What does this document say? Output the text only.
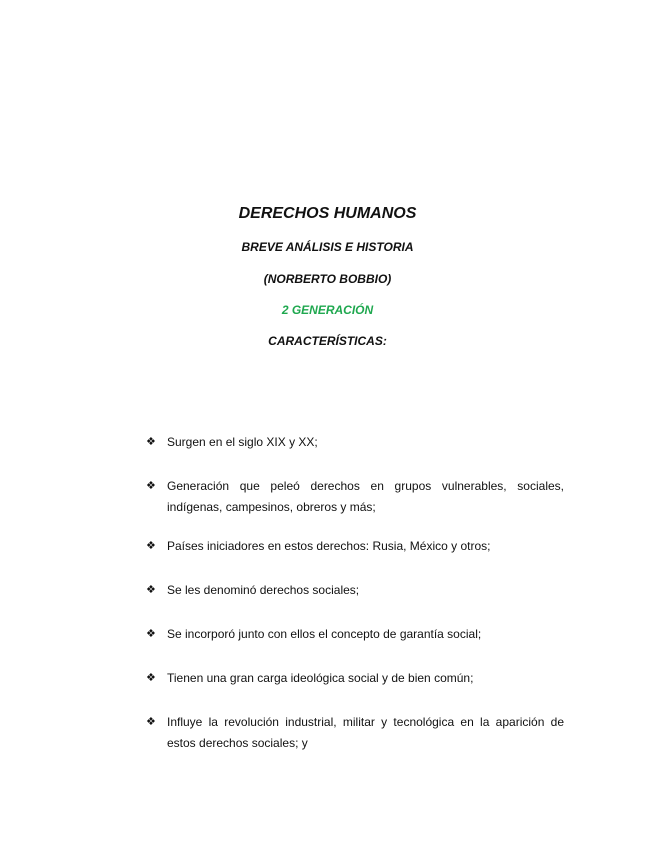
DERECHOS HUMANOS

BREVE ANÁLISIS E HISTORIA

(NORBERTO BOBBIO)

2 GENERACIÓN

CARACTERÍSTICAS:

❖ Surgen en el siglo XIX y XX;
❖ Generación que peleó derechos en grupos vulnerables, sociales, indígenas, campesinos, obreros y más;
❖ Países iniciadores en estos derechos: Rusia, México y otros;
❖ Se les denominó derechos sociales;
❖ Se incorporó junto con ellos el concepto de garantía social;
❖ Tienen una gran carga ideológica social y de bien común;
❖ Influye la revolución industrial, militar y tecnológica en la aparición de estos derechos sociales; y
